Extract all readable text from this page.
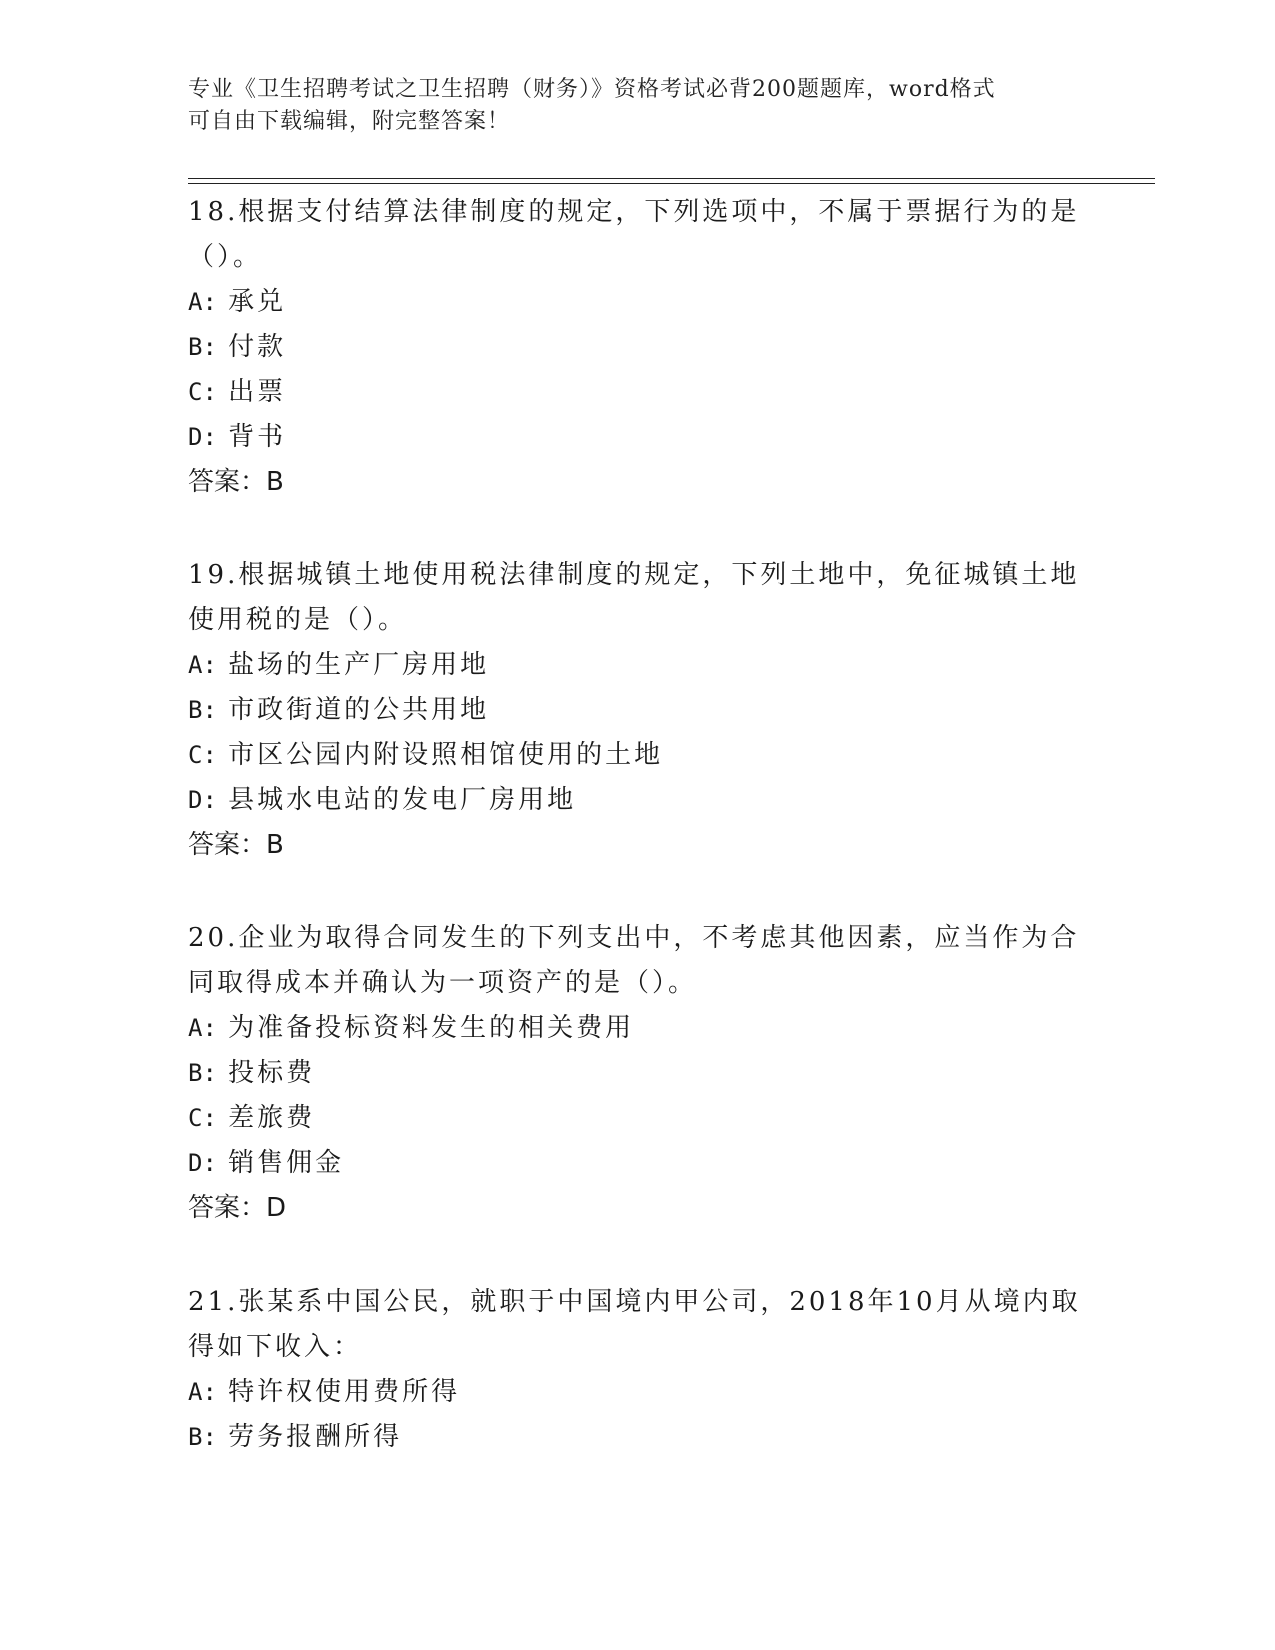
专业《卫生招聘考试之卫生招聘（财务）》资格考试必背200题题库，word格式
可自由下载编辑，附完整答案！

18.根据支付结算法律制度的规定，下列选项中，不属于票据行为的是
（）。

A: 承兑

B: 付款

C: 出票

D: 背书

答案：B

19.根据城镇土地使用税法律制度的规定，下列土地中，免征城镇土地
使用税的是（）。

A: 盐场的生产厂房用地

B: 市政街道的公共用地

C: 市区公园内附设照相馆使用的土地

D: 县城水电站的发电厂房用地

答案：B

20.企业为取得合同发生的下列支出中，不考虑其他因素，应当作为合
同取得成本并确认为一项资产的是（）。

A: 为准备投标资料发生的相关费用

B: 投标费

C: 差旅费

D: 销售佣金

答案：D

21.张某系中国公民，就职于中国境内甲公司，2018年10月从境内取
得如下收入：

A: 特许权使用费所得

B: 劳务报酬所得
